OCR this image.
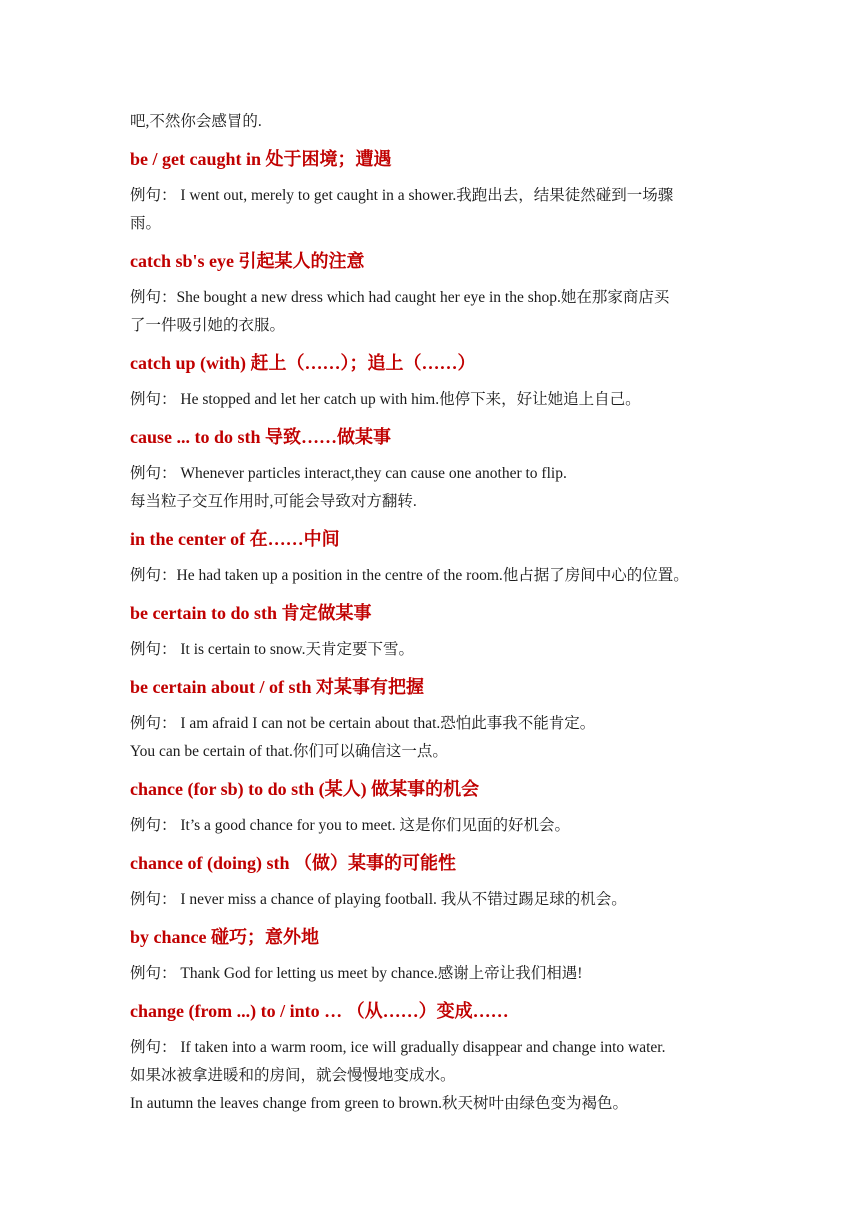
吧,不然你会感冒的.
be / get caught in 处于困境；遭遇
例句： I went out, merely to get caught in a shower.我跑出去，结果徒然碰到一场骤
雨。
catch sb's eye 引起某人的注意
例句：She bought a new dress which had caught her eye in the shop.她在那家商店买
了一件吸引她的衣服。
catch up (with) 赶上（……）；追上（……）
例句： He stopped and let her catch up with him.他停下来，好让她追上自己。
cause ... to do sth 导致……做某事
例句： Whenever particles interact,they can cause one another to flip.
每当粒子交互作用时,可能会导致对方翻转.
in the center of 在……中间
例句：He had taken up a position in the centre of the room.他占据了房间中心的位置。
be certain to do sth 肯定做某事
例句： It is certain to snow.天肯定要下雪。
be certain about / of sth 对某事有把握
例句： I am afraid I can not be certain about that.恐怕此事我不能肯定。
You can be certain of that.你们可以确信这一点。
chance (for sb) to do sth (某人) 做某事的机会
例句： It’s a good chance for you to meet. 这是你们见面的好机会。
chance of (doing) sth （做）某事的可能性
例句： I never miss a chance of playing football. 我从不错过踢足球的机会。
by chance 碰巧；意外地
例句： Thank God for letting us meet by chance.感谢上帝让我们相遇!
change (from ...) to / into … （从……）变成……
例句： If taken into a warm room, ice will gradually disappear and change into water.
如果冰被拿进暖和的房间，就会慢慢地变成水。
In autumn the leaves change from green to brown.秋天树叶由绿色变为褐色。
